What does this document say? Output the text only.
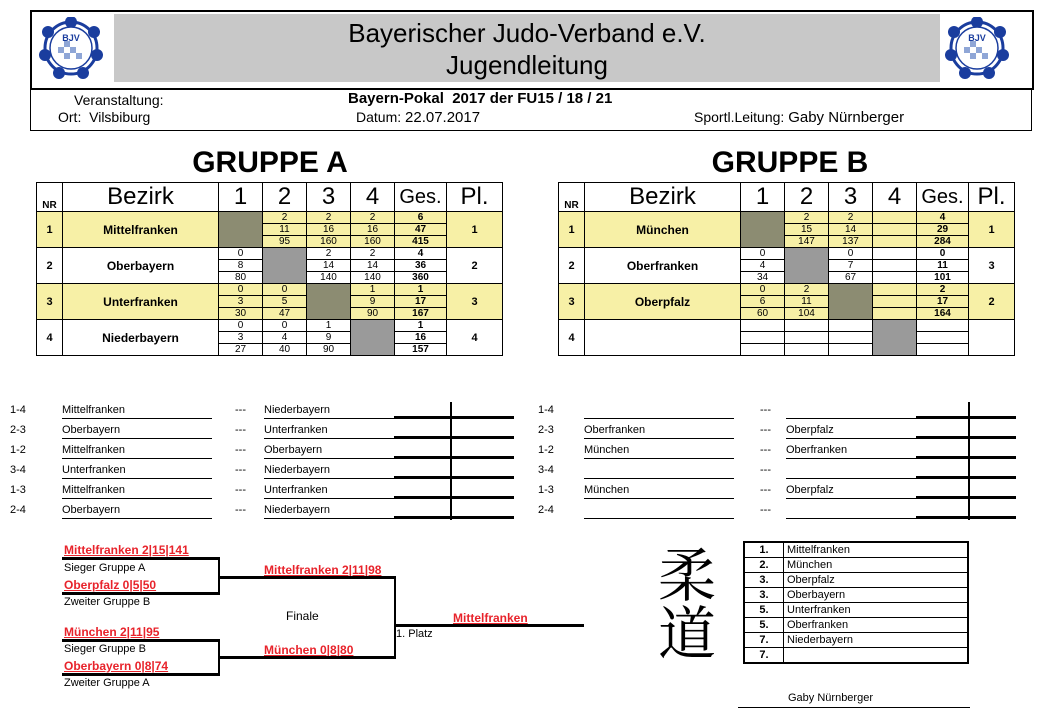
Bayerischer Judo-Verband e.V.
Jugendleitung
BJV	BJV
Veranstaltung:
Ort: Vilsbiburg
Bayern-Pokal  2017 der FU15 / 18 / 21
Datum: 22.07.2017	Sportl.Leitung: Gaby Nürnberger
GRUPPE A	GRUPPE B
NR	Bezirk	1	2	3	4	Ges.	Pl.
1	Mittelfranken		2	2	2	6	1
			11	16	16	47	
			95	160	160	415	
2	Oberbayern	0		2	2	4	2
		8		14	14	36	
		80		140	140	360	
3	Unterfranken	0	0		1	1	3
		3	5		9	17	
		30	47		90	167	
4	Niederbayern	0	0	1		1	4
		3	4	9		16	
		27	40	90		157	
NR	Bezirk	1	2	3	4	Ges.	Pl.
1	München		2	2		4	1
			15	14		29	
			147	137		284	
2	Oberfranken	0		0		0	3
		4		7		11	
		34		67		101	
3	Oberpfalz	0	2			2	2
		6	11			17	
		60	104			164	
4							

1-4	Mittelfranken	--- Niederbayern
2-3	Oberbayern	--- Unterfranken
1-2	Mittelfranken	--- Oberbayern
3-4	Unterfranken	--- Niederbayern
1-3	Mittelfranken	--- Unterfranken
2-4	Oberbayern	--- Niederbayern
1-4	---
2-3	Oberfranken	--- Oberpfalz
1-2	München	--- Oberfranken
3-4	---
1-3	München	--- Oberpfalz
2-4	---
Mittelfranken 2|15|141
Sieger Gruppe A
Oberpfalz 0|5|50
Zweiter Gruppe B
München 2|11|95
Sieger Gruppe B
Oberbayern 0|8|74
Zweiter Gruppe A
Mittelfranken 2|11|98
Finale
München 0|8|80
Mittelfranken
1. Platz	柔道	1.	Mittelfranken
2.	München
3.	Oberpfalz
3.	Oberbayern
5.	Unterfranken
5.	Oberfranken
7.	Niederbayern
7.	
Gaby Nürnberger
